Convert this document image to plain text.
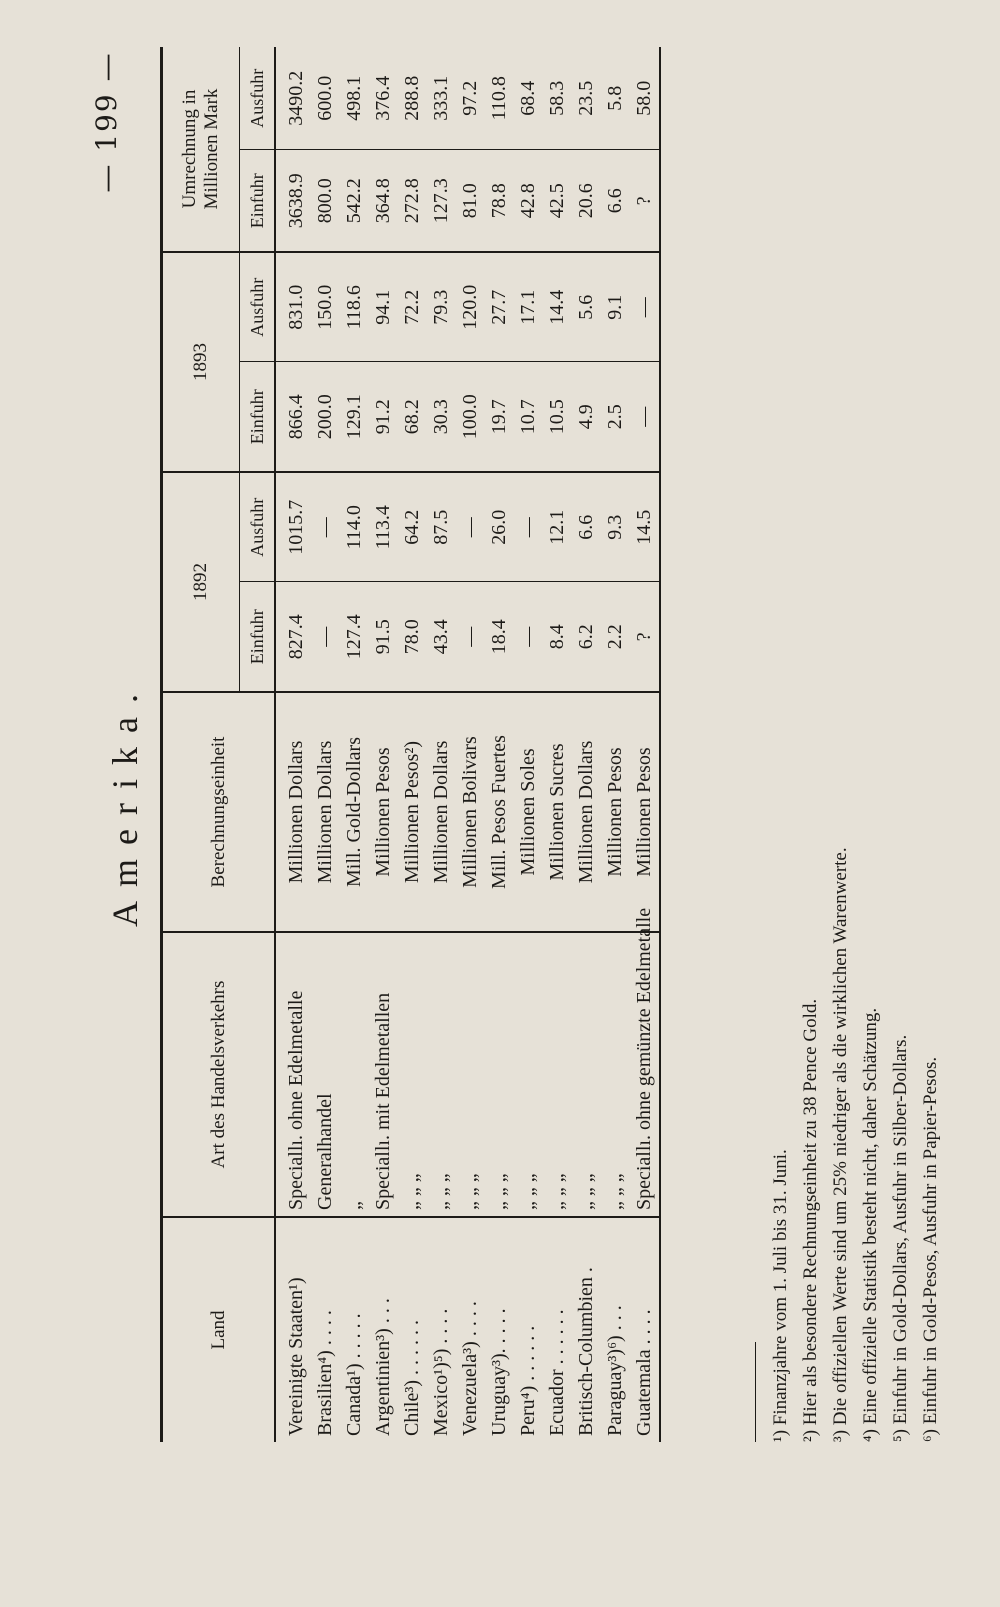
— 199 —
Amerika.
Land	Art des Handelsverkehrs	Berechnungseinheit	1892		1893		Umrechnung in Millionen Mark	
			Einfuhr	Ausfuhr	Einfuhr	Ausfuhr	Einfuhr	Ausfuhr
Vereinigte Staaten¹)	Speciallı. ohne Edelmetalle	Millionen Dollars	827.4	1015.7	866.4	831.0	3638.9	3490.2
Brasilien⁴) . . . .	Generalhandel	Millionen Dollars	—	—	200.0	150.0	800.0	600.0
Canada¹) . . . . .	„	Mill. Gold-Dollars	127.4	114.0	129.1	118.6	542.2	498.1
Argentinien³) . . .	Speciallı. mit Edelmetallen	Millionen Pesos	91.5	113.4	91.2	94.1	364.8	376.4
Chile³) . . . . . .	„ „ „	Millionen Pesos²)	78.0	64.2	68.2	72.2	272.8	288.8
Mexico¹)⁵) . . . .	„ „ „	Millionen Dollars	43.4	87.5	30.3	79.3	127.3	333.1
Venezuela³) . . . .	„ „ „	Millionen Bolivars	—	—	100.0	120.0	81.0	97.2
Uruguay³). . . . .	„ „ „	Mill. Pesos Fuertes	18.4	26.0	19.7	27.7	78.8	110.8
Peru⁴) . . . . . .	„ „ „	Millionen Soles	—	—	10.7	17.1	42.8	68.4
Ecuador . . . . . .	„ „ „	Millionen Sucres	8.4	12.1	10.5	14.4	42.5	58.3
Britisch-Columbien .	„ „ „	Millionen Dollars	6.2	6.6	4.9	5.6	20.6	23.5
Paraguay³)⁶) . . .	„ „ „	Millionen Pesos	2.2	9.3	2.5	9.1	6.6	5.8
Guatemala . . . .	Speciallı. ohne gemünzte Edelmetalle	Millionen Pesos	?	14.5	—	—	?	58.0
¹) Finanzjahre vom 1. Juli bis 31. Juni. ²) Hier als besondere Rechnungseinheit zu 38 Pence Gold. ³) Die offiziellen Werte sind um 25% niedriger als die wirklichen Warenwerte. ⁴) Eine offizielle Statistik besteht nicht, daher Schätzung. ⁵) Einfuhr in Gold-Dollars, Ausfuhr in Silber-Dollars. ⁶) Einfuhr in Gold-Pesos, Ausfuhr in Papier-Pesos.
